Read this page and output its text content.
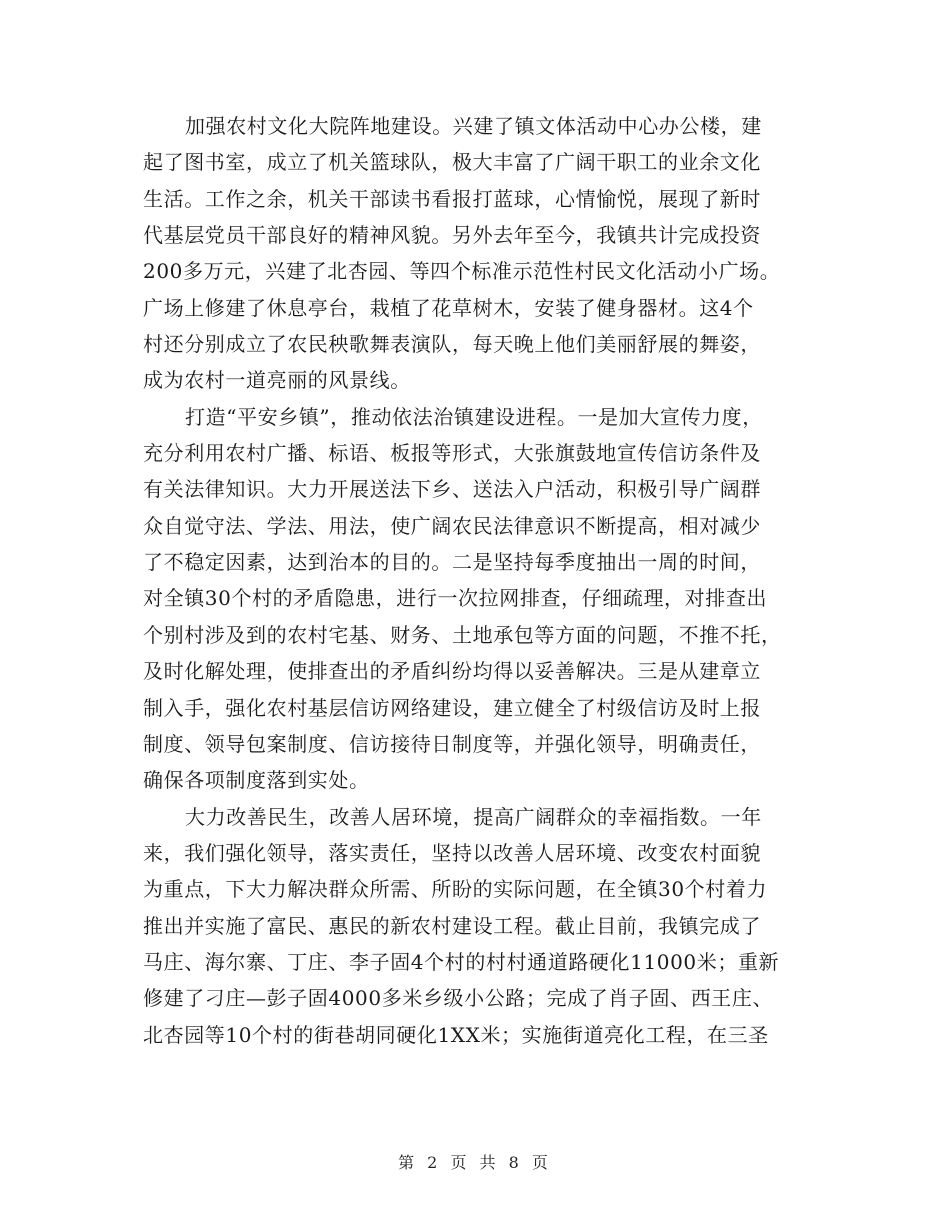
加强农村文化大院阵地建设。兴建了镇文体活动中心办公楼，建
起了图书室，成立了机关篮球队，极大丰富了广阔干职工的业余文化
生活。工作之余，机关干部读书看报打蓝球，心情愉悦，展现了新时
代基层党员干部良好的精神风貌。另外去年至今，我镇共计完成投资
200多万元，兴建了北杏园、等四个标准示范性村民文化活动小广场。
广场上修建了休息亭台，栽植了花草树木，安装了健身器材。这4个
村还分别成立了农民秧歌舞表演队，每天晚上他们美丽舒展的舞姿，
成为农村一道亮丽的风景线。
打造“平安乡镇”，推动依法治镇建设进程。一是加大宣传力度，
充分利用农村广播、标语、板报等形式，大张旗鼓地宣传信访条件及
有关法律知识。大力开展送法下乡、送法入户活动，积极引导广阔群
众自觉守法、学法、用法，使广阔农民法律意识不断提高，相对减少
了不稳定因素，达到治本的目的。二是坚持每季度抽出一周的时间，
对全镇30个村的矛盾隐患，进行一次拉网排查，仔细疏理，对排查出
个别村涉及到的农村宅基、财务、土地承包等方面的问题，不推不托，
及时化解处理，使排查出的矛盾纠纷均得以妥善解决。三是从建章立
制入手，强化农村基层信访网络建设，建立健全了村级信访及时上报
制度、领导包案制度、信访接待日制度等，并强化领导，明确责任，
确保各项制度落到实处。
大力改善民生，改善人居环境，提高广阔群众的幸福指数。一年
来，我们强化领导，落实责任，坚持以改善人居环境、改变农村面貌
为重点，下大力解决群众所需、所盼的实际问题，在全镇30个村着力
推出并实施了富民、惠民的新农村建设工程。截止目前，我镇完成了
马庄、海尔寨、丁庄、李子固4个村的村村通道路硬化11000米；重新
修建了刁庄—彭子固4000多米乡级小公路；完成了肖子固、西王庄、
北杏园等10个村的街巷胡同硬化1XX米；实施街道亮化工程，在三圣
第 2 页 共 8 页
